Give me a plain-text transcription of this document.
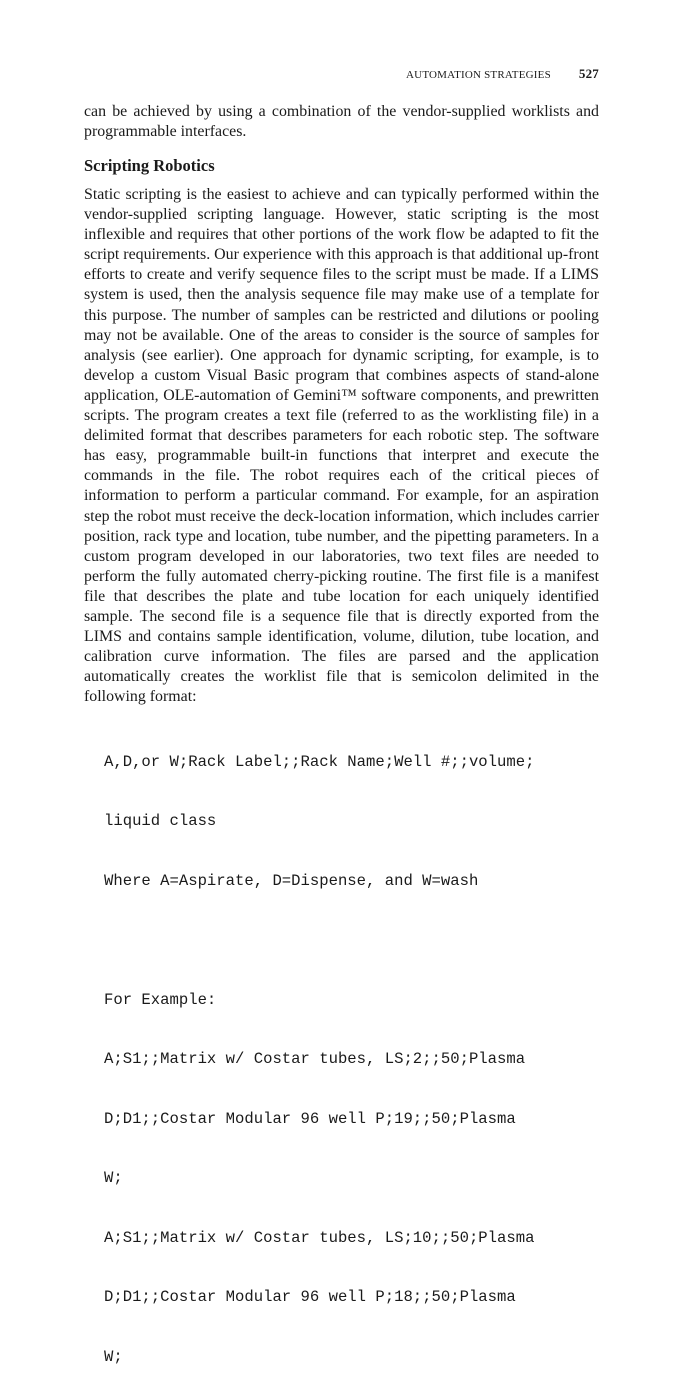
AUTOMATION STRATEGIES 527

can be achieved by using a combination of the vendor-supplied worklists and programmable interfaces.

Scripting Robotics

Static scripting is the easiest to achieve and can typically performed within the vendor-supplied scripting language. However, static scripting is the most inflexible and requires that other portions of the work flow be adapted to fit the script requirements. Our experience with this approach is that additional up-front efforts to create and verify sequence files to the script must be made. If a LIMS system is used, then the analysis sequence file may make use of a template for this purpose. The number of samples can be restricted and dilutions or pooling may not be available. One of the areas to consider is the source of samples for analysis (see earlier). One approach for dynamic scripting, for example, is to develop a custom Visual Basic program that combines aspects of stand-alone application, OLE-automation of Gemini™ software components, and prewritten scripts. The program creates a text file (referred to as the worklisting file) in a delimited format that describes parameters for each robotic step. The software has easy, programmable built-in functions that interpret and execute the commands in the file. The robot requires each of the critical pieces of information to perform a particular command. For example, for an aspiration step the robot must receive the deck-location information, which includes carrier position, rack type and location, tube number, and the pipetting parameters. In a custom program developed in our laboratories, two text files are needed to perform the fully automated cherry-picking routine. The first file is a manifest file that describes the plate and tube location for each uniquely identified sample. The second file is a sequence file that is directly exported from the LIMS and contains sample identification, volume, dilution, tube location, and calibration curve information. The files are parsed and the application automatically creates the worklist file that is semicolon delimited in the following format:

A,D,or W;Rack Label;;Rack Name;Well #;;volume;

liquid class

Where A=Aspirate, D=Dispense, and W=wash

For Example:

A;S1;;Matrix w/ Costar tubes, LS;2;;50;Plasma

D;D1;;Costar Modular 96 well P;19;;50;Plasma

W;

A;S1;;Matrix w/ Costar tubes, LS;10;;50;Plasma

D;D1;;Costar Modular 96 well P;18;;50;Plasma

W;
